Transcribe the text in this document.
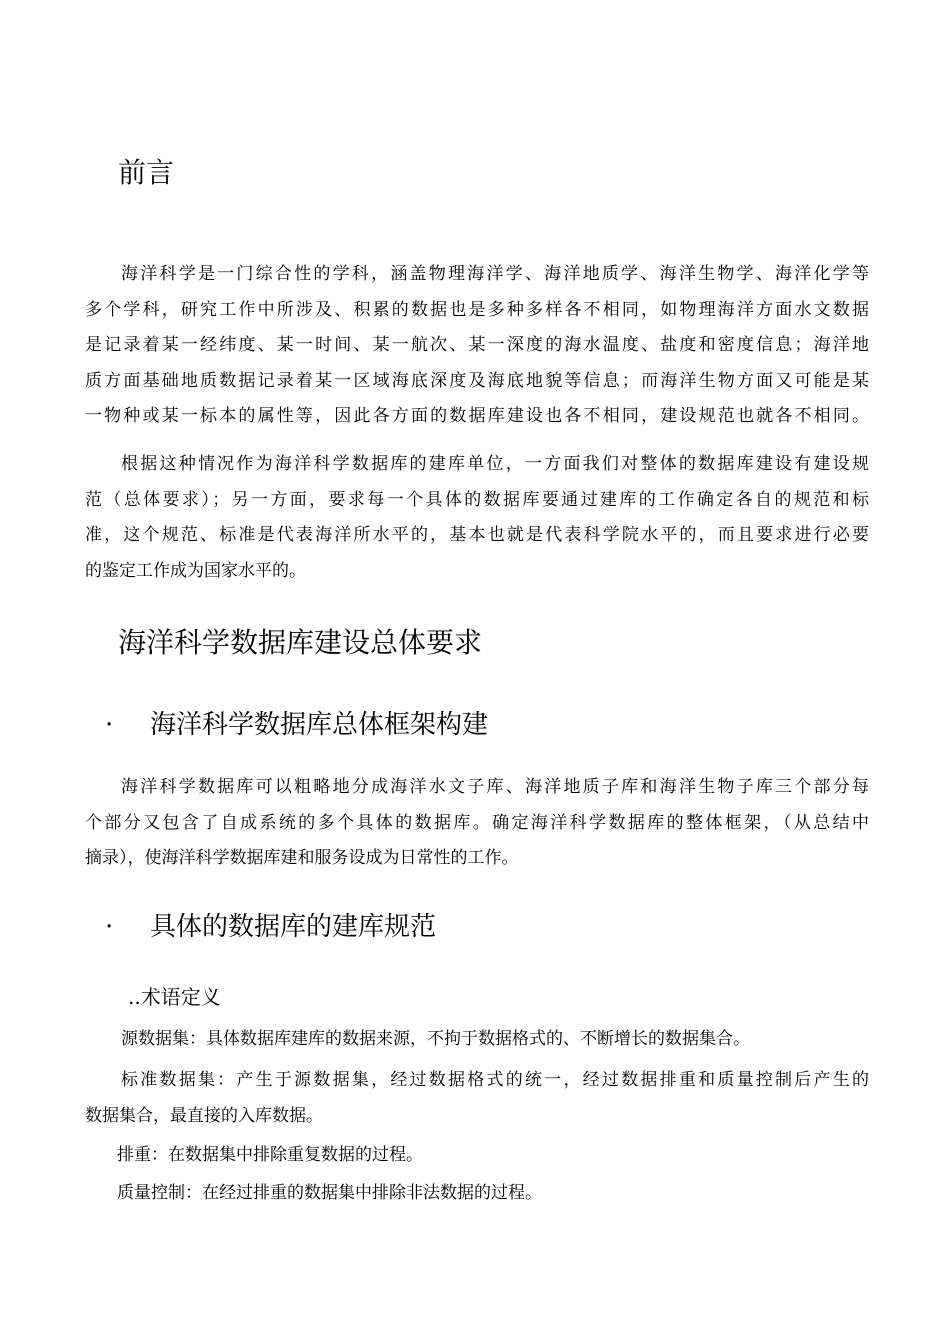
前言
海洋科学是一门综合性的学科，涵盖物理海洋学、海洋地质学、海洋生物学、海洋化学等
多个学科，研究工作中所涉及、积累的数据也是多种多样各不相同，如物理海洋方面水文数据
是记录着某一经纬度、某一时间、某一航次、某一深度的海水温度、盐度和密度信息；海洋地
质方面基础地质数据记录着某一区域海底深度及海底地貌等信息；而海洋生物方面又可能是某
一物种或某一标本的属性等，因此各方面的数据库建设也各不相同，建设规范也就各不相同。
根据这种情况作为海洋科学数据库的建库单位，一方面我们对整体的数据库建设有建设规
范（总体要求）；另一方面，要求每一个具体的数据库要通过建库的工作确定各自的规范和标
准，这个规范、标准是代表海洋所水平的，基本也就是代表科学院水平的，而且要求进行必要
的鉴定工作成为国家水平的。
海洋科学数据库建设总体要求
· 海洋科学数据库总体框架构建
海洋科学数据库可以粗略地分成海洋水文子库、海洋地质子库和海洋生物子库三个部分每
个部分又包含了自成系统的多个具体的数据库。确定海洋科学数据库的整体框架，（从总结中
摘录），使海洋科学数据库建和服务设成为日常性的工作。
· 具体的数据库的建库规范
..术语定义
源数据集：具体数据库建库的数据来源，不拘于数据格式的、不断增长的数据集合。
标准数据集：产生于源数据集，经过数据格式的统一，经过数据排重和质量控制后产生的
数据集合，最直接的入库数据。
排重：在数据集中排除重复数据的过程。
质量控制：在经过排重的数据集中排除非法数据的过程。
